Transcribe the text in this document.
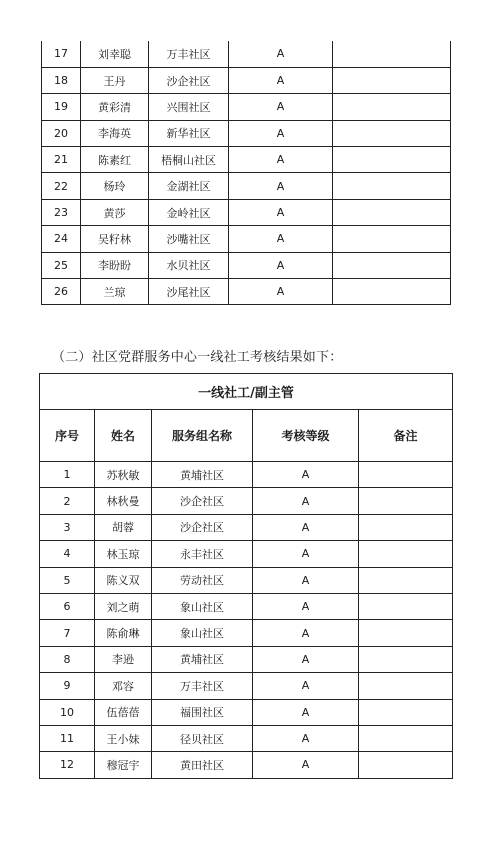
17	刘幸聪	万丰社区	A	
18	王丹	沙企社区	A	
19	黄彩清	兴围社区	A	
20	李海英	新华社区	A	
21	陈素红	梧桐山社区	A	
22	杨玲	金湖社区	A	
23	黄莎	金岭社区	A	
24	吴籽林	沙嘴社区	A	
25	李盼盼	水贝社区	A	
26	兰琼	沙尾社区	A	
（二）社区党群服务中心一线社工考核结果如下：
一线社工/副主管				
序号	姓名	服务组名称	考核等级	备注
1	苏秋敏	黄埔社区	A	
2	林秋曼	沙企社区	A	
3	胡蓉	沙企社区	A	
4	林玉琼	永丰社区	A	
5	陈义双	劳动社区	A	
6	刘之萌	象山社区	A	
7	陈俞琳	象山社区	A	
8	李逊	黄埔社区	A	
9	邓容	万丰社区	A	
10	伍蓓蓓	福围社区	A	
11	王小妹	径贝社区	A	
12	穆冠宇	黄田社区	A	
